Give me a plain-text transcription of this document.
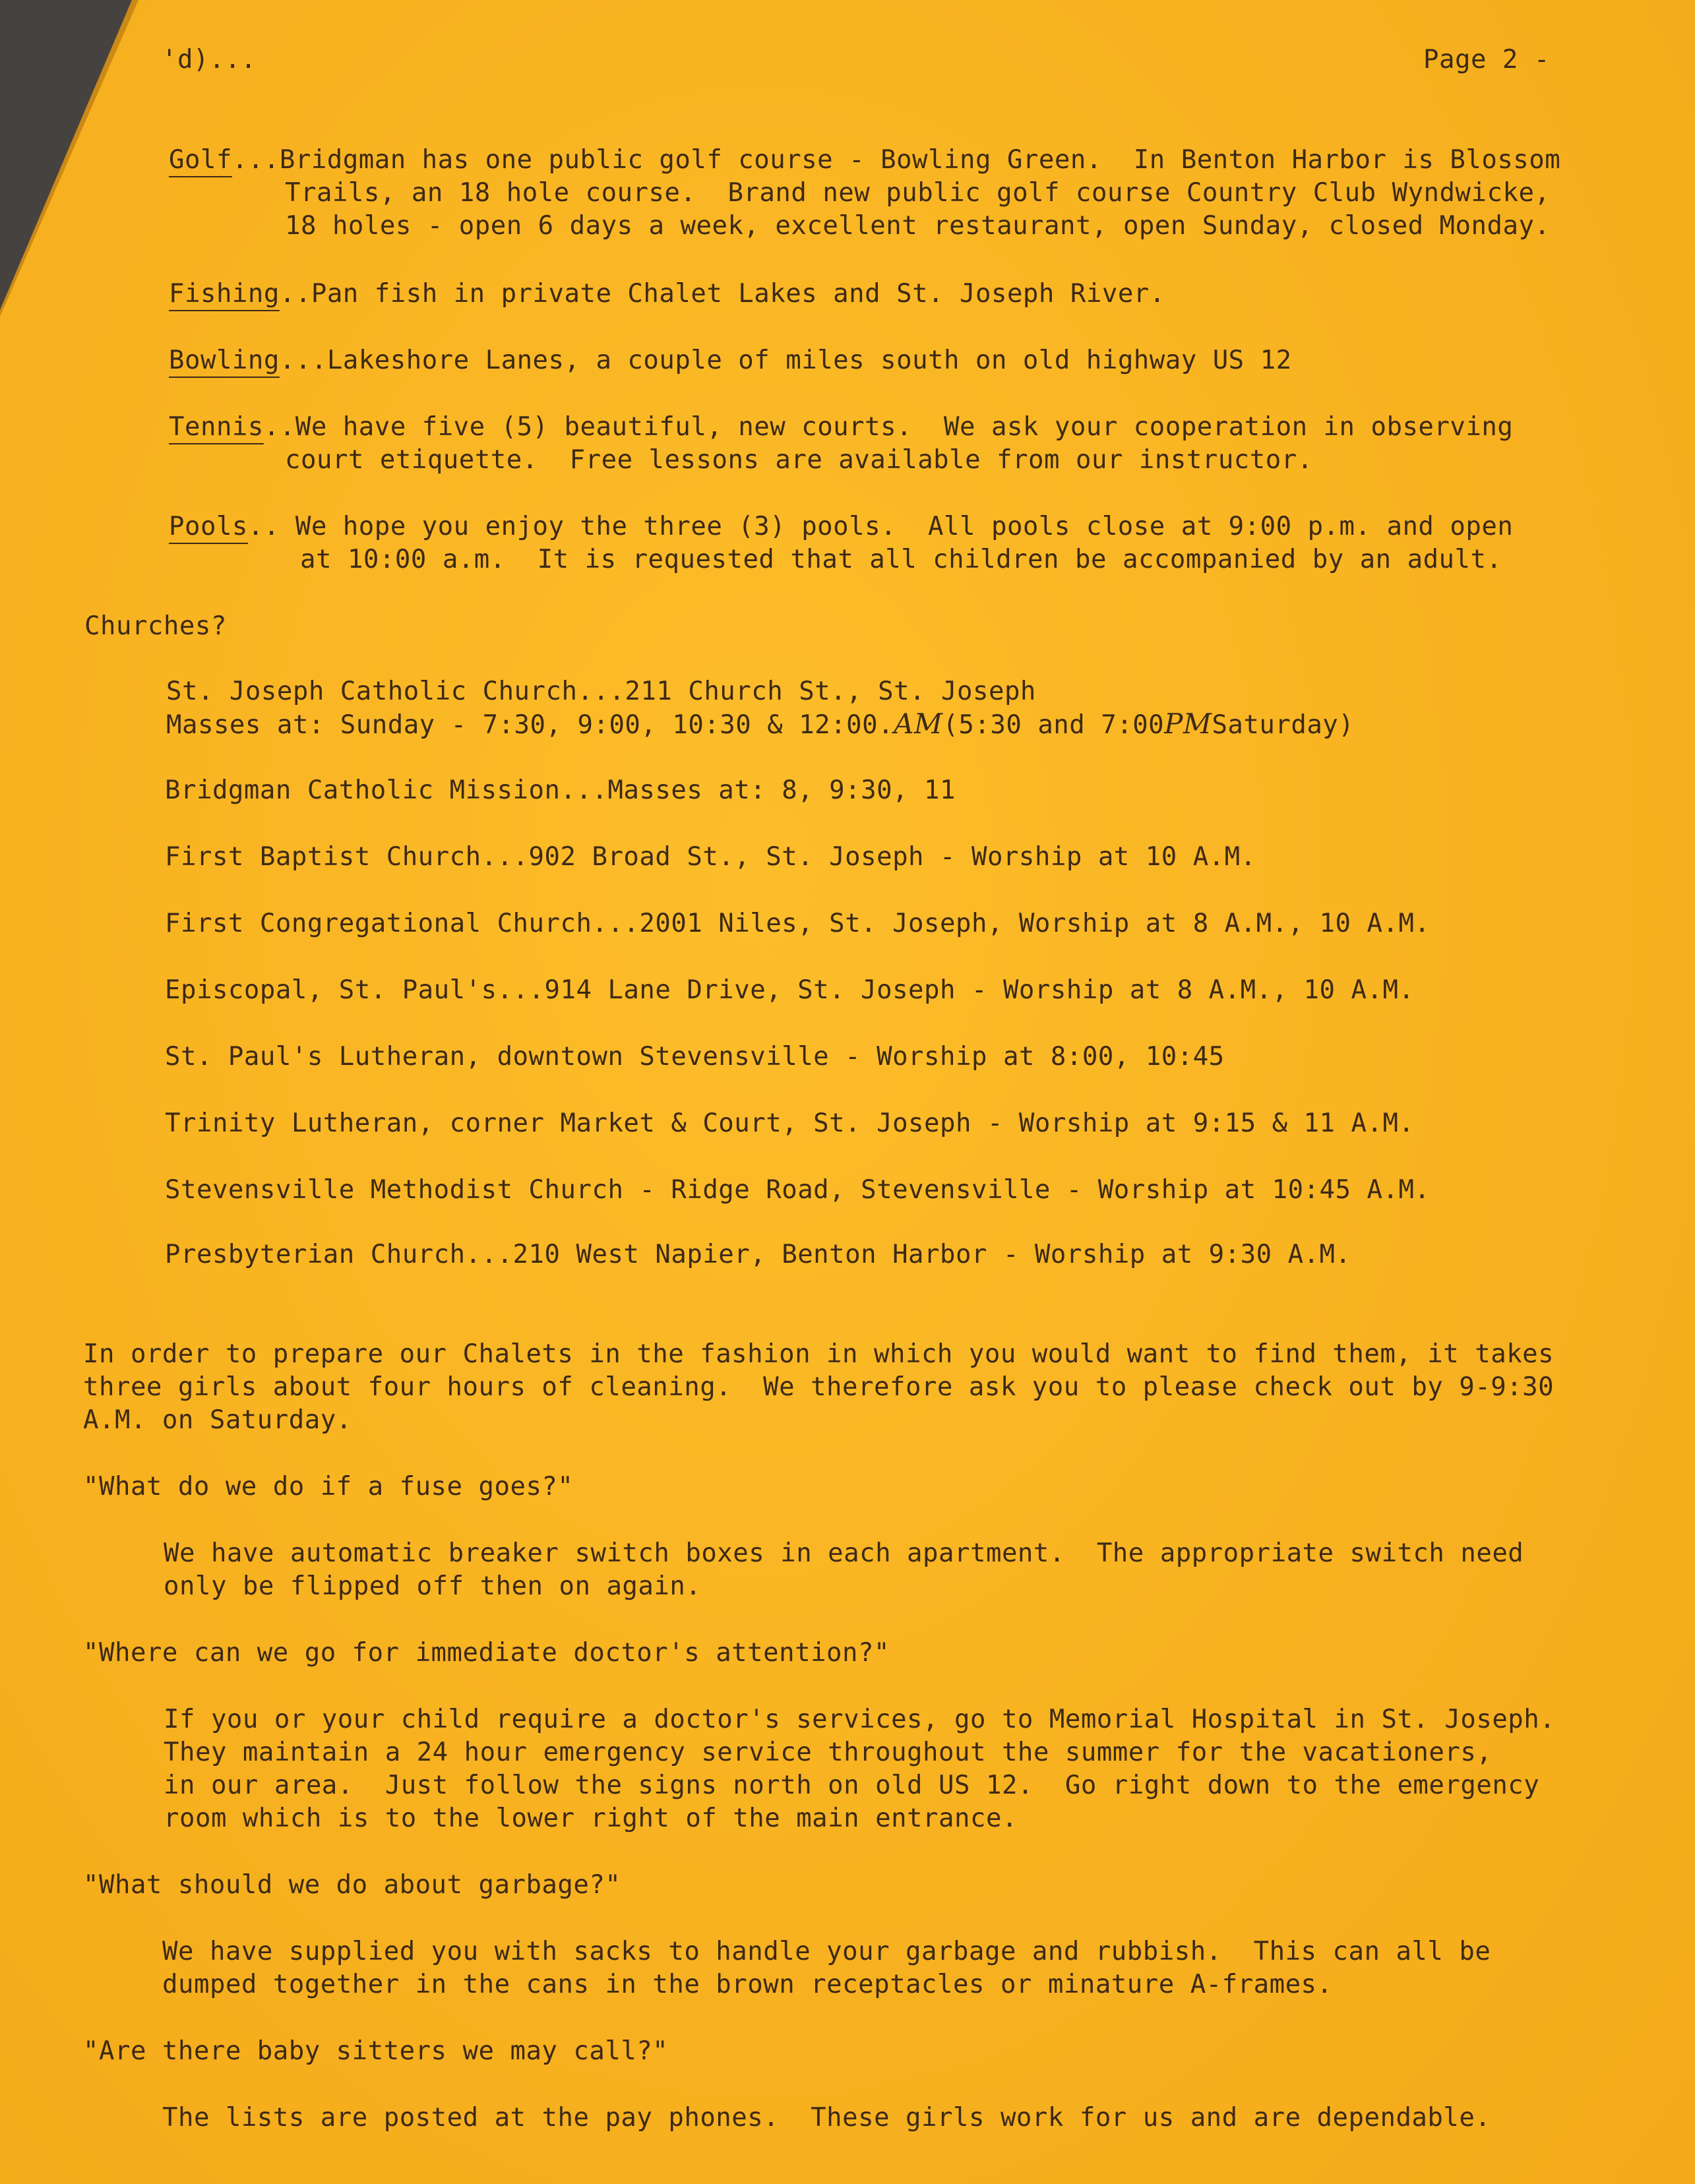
'd)...	Page 2 -
Golf...Bridgman has one public golf course - Bowling Green.  In Benton Harbor is Blossom
Trails, an 18 hole course.  Brand new public golf course Country Club Wyndwicke,
18 holes - open 6 days a week, excellent restaurant, open Sunday, closed Monday.
Fishing..Pan fish in private Chalet Lakes and St. Joseph River.
Bowling...Lakeshore Lanes, a couple of miles south on old highway US 12
Tennis..We have five (5) beautiful, new courts.  We ask your cooperation in observing
court etiquette.  Free lessons are available from our instructor.
Pools.. We hope you enjoy the three (3) pools.  All pools close at 9:00 p.m. and open
at 10:00 a.m.  It is requested that all children be accompanied by an adult.
Churches?
St. Joseph Catholic Church...211 Church St., St. Joseph
Masses at: Sunday - 7:30, 9:00, 10:30 & 12:00.AM(5:30 and 7:00PMSaturday)
Bridgman Catholic Mission...Masses at: 8, 9:30, 11
First Baptist Church...902 Broad St., St. Joseph - Worship at 10 A.M.
First Congregational Church...2001 Niles, St. Joseph, Worship at 8 A.M., 10 A.M.
Episcopal, St. Paul's...914 Lane Drive, St. Joseph - Worship at 8 A.M., 10 A.M.
St. Paul's Lutheran, downtown Stevensville - Worship at 8:00, 10:45
Trinity Lutheran, corner Market & Court, St. Joseph - Worship at 9:15 & 11 A.M.
Stevensville Methodist Church - Ridge Road, Stevensville - Worship at 10:45 A.M.
Presbyterian Church...210 West Napier, Benton Harbor - Worship at 9:30 A.M.
In order to prepare our Chalets in the fashion in which you would want to find them, it takes
three girls about four hours of cleaning.  We therefore ask you to please check out by 9-9:30
A.M. on Saturday.
"What do we do if a fuse goes?"
We have automatic breaker switch boxes in each apartment.  The appropriate switch need
only be flipped off then on again.
"Where can we go for immediate doctor's attention?"
If you or your child require a doctor's services, go to Memorial Hospital in St. Joseph.
They maintain a 24 hour emergency service throughout the summer for the vacationers,
in our area.  Just follow the signs north on old US 12.  Go right down to the emergency
room which is to the lower right of the main entrance.
"What should we do about garbage?"
We have supplied you with sacks to handle your garbage and rubbish.  This can all be
dumped together in the cans in the brown receptacles or minature A-frames.
"Are there baby sitters we may call?"
The lists are posted at the pay phones.  These girls work for us and are dependable.
